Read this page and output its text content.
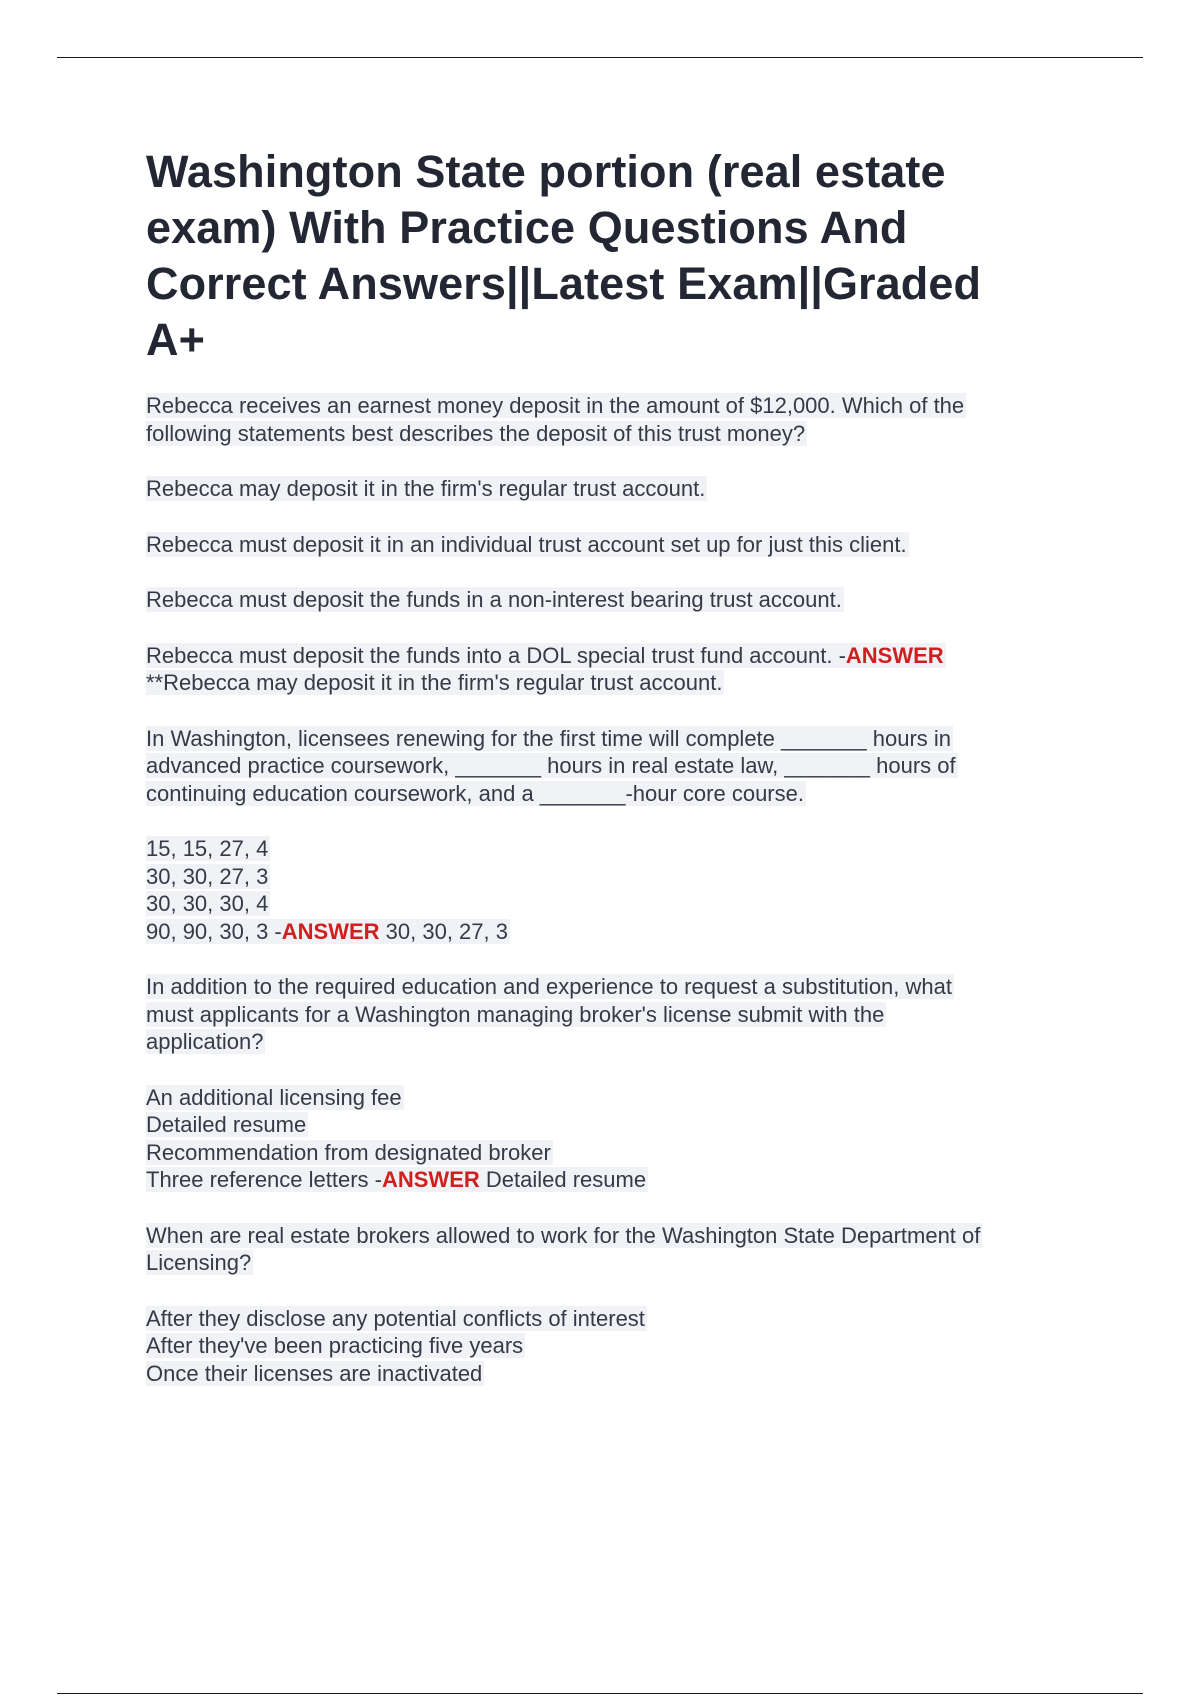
Washington State portion (real estate
exam) With Practice Questions And
Correct Answers||Latest Exam||Graded
A+

Rebecca receives an earnest money deposit in the amount of $12,000. Which of the
following statements best describes the deposit of this trust money?

Rebecca may deposit it in the firm's regular trust account.

Rebecca must deposit it in an individual trust account set up for just this client.

Rebecca must deposit the funds in a non-interest bearing trust account.

Rebecca must deposit the funds into a DOL special trust fund account. -ANSWER
**Rebecca may deposit it in the firm's regular trust account.

In Washington, licensees renewing for the first time will complete _______ hours in
advanced practice coursework, _______ hours in real estate law, _______ hours of
continuing education coursework, and a _______-hour core course.

15, 15, 27, 4
30, 30, 27, 3
30, 30, 30, 4
90, 90, 30, 3 -ANSWER 30, 30, 27, 3

In addition to the required education and experience to request a substitution, what
must applicants for a Washington managing broker's license submit with the
application?

An additional licensing fee
Detailed resume
Recommendation from designated broker
Three reference letters -ANSWER Detailed resume

When are real estate brokers allowed to work for the Washington State Department of
Licensing?

After they disclose any potential conflicts of interest
After they've been practicing five years
Once their licenses are inactivated
